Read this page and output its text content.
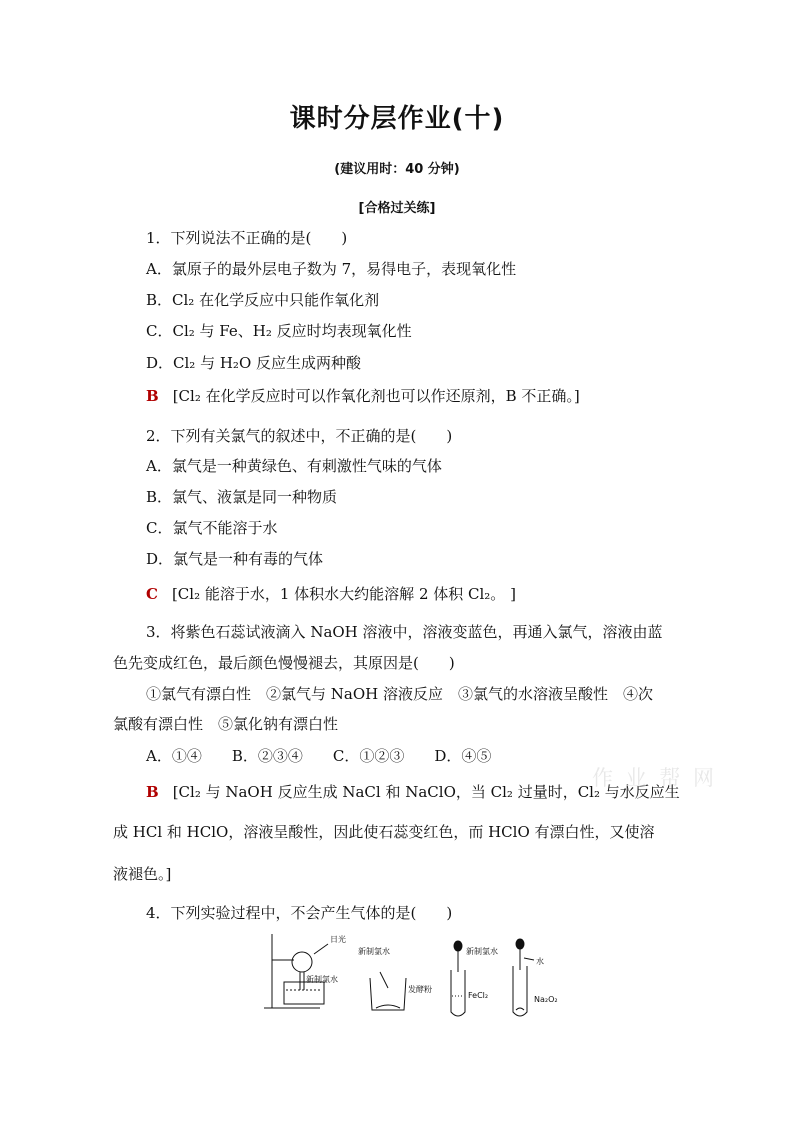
课时分层作业(十)
(建议用时：40 分钟)
[合格过关练]
1．下列说法不正确的是(　　)
A．氯原子的最外层电子数为 7，易得电子，表现氧化性
B．Cl₂ 在化学反应中只能作氧化剂
C．Cl₂ 与 Fe、H₂ 反应时均表现氧化性
D．Cl₂ 与 H₂O 反应生成两种酸
B [Cl₂ 在化学反应时可以作氧化剂也可以作还原剂，B 不正确。]
2．下列有关氯气的叙述中，不正确的是(　　)
A．氯气是一种黄绿色、有刺激性气味的气体
B．氯气、液氯是同一种物质
C．氯气不能溶于水
D．氯气是一种有毒的气体
C [Cl₂ 能溶于水，1 体积水大约能溶解 2 体积 Cl₂。 ]
3．将紫色石蕊试液滴入 NaOH 溶液中，溶液变蓝色，再通入氯气，溶液由蓝
色先变成红色，最后颜色慢慢褪去，其原因是(　　)
①氯气有漂白性　②氯气与 NaOH 溶液反应　③氯气的水溶液呈酸性　④次
氯酸有漂白性　⑤氯化钠有漂白性
A．①④　　B．②③④　　C．①②③　　D．④⑤
B [Cl₂ 与 NaOH 反应生成 NaCl 和 NaClO，当 Cl₂ 过量时，Cl₂ 与水反应生
成 HCl 和 HClO，溶液呈酸性，因此使石蕊变红色，而 HClO 有漂白性，又使溶
液褪色。]
作 业 帮 网
4．下列实验过程中，不会产生气体的是(　　)
日光
新制氯水
新制氯水
发酵粉
新制氯水
FeCl₂
水
Na₂O₂
